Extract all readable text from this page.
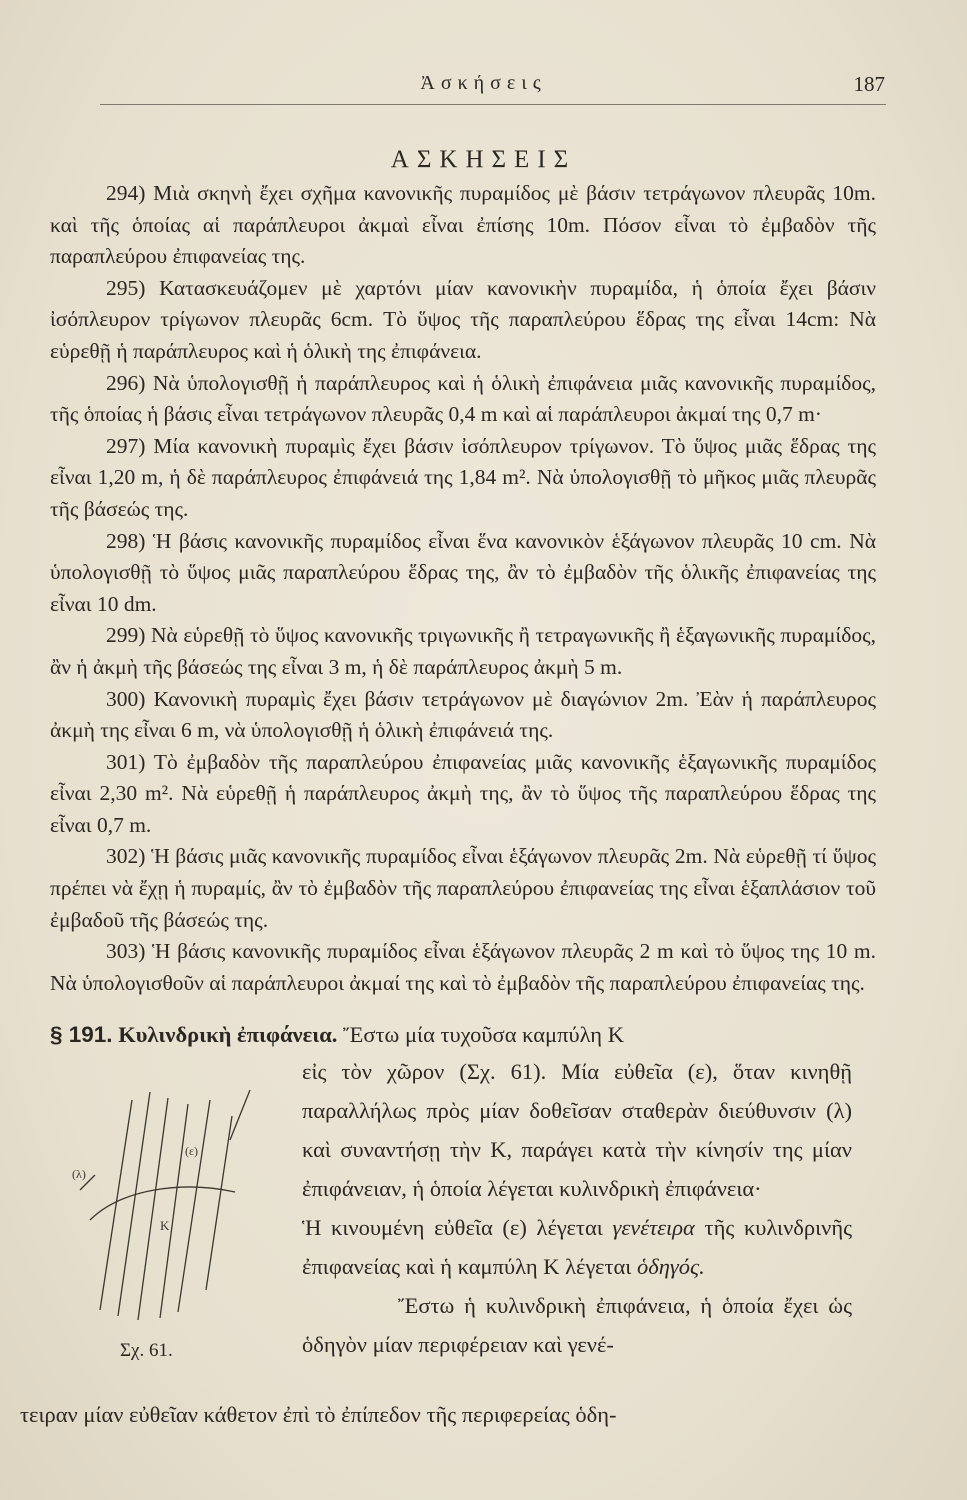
Ἀσκήσεις	187
ΑΣΚΗΣΕΙΣ

294) Μιὰ σκηνὴ ἔχει σχῆμα κανονικῆς πυραμίδος μὲ βάσιν τετράγωνον πλευρᾶς 10m. καὶ τῆς ὁποίας αἱ παράπλευροι ἀκμαὶ εἶναι ἐπίσης 10m. Πόσον εἶναι τὸ ἐμβαδὸν τῆς παραπλεύρου ἐπιφανείας της.

295) Κατασκευάζομεν μὲ χαρτόνι μίαν κανονικὴν πυραμίδα, ἡ ὁποία ἔχει βάσιν ἰσόπλευρον τρίγωνον πλευρᾶς 6cm. Τὸ ὕψος τῆς παραπλεύρου ἕδρας της εἶναι 14cm: Νὰ εὑρεθῇ ἡ παράπλευρος καὶ ἡ ὁλικὴ της ἐπιφάνεια.

296) Νὰ ὑπολογισθῇ ἡ παράπλευρος καὶ ἡ ὁλικὴ ἐπιφάνεια μιᾶς κανονικῆς πυραμίδος, τῆς ὁποίας ἡ βάσις εἶναι τετράγωνον πλευρᾶς 0,4 m καὶ αἱ παράπλευροι ἀκμαί της 0,7 m·

297) Μία κανονικὴ πυραμὶς ἔχει βάσιν ἰσόπλευρον τρίγωνον. Τὸ ὕψος μιᾶς ἕδρας της εἶναι 1,20 m, ἡ δὲ παράπλευρος ἐπιφάνειά της 1,84 m². Νὰ ὑπολογισθῇ τὸ μῆκος μιᾶς πλευρᾶς τῆς βάσεώς της.

298) Ἡ βάσις κανονικῆς πυραμίδος εἶναι ἕνα κανονικὸν ἑξάγωνον πλευρᾶς 10 cm. Νὰ ὑπολογισθῇ τὸ ὕψος μιᾶς παραπλεύρου ἕδρας της, ἂν τὸ ἐμβαδὸν τῆς ὁλικῆς ἐπιφανείας της εἶναι 10 dm.

299) Νὰ εὑρεθῇ τὸ ὕψος κανονικῆς τριγωνικῆς ἢ τετραγωνικῆς ἢ ἑξαγωνικῆς πυραμίδος, ἂν ἡ ἀκμὴ τῆς βάσεώς της εἶναι 3 m, ἡ δὲ παράπλευρος ἀκμὴ 5 m.

300) Κανονικὴ πυραμὶς ἔχει βάσιν τετράγωνον μὲ διαγώνιον 2m. Ἐὰν ἡ παράπλευρος ἀκμὴ της εἶναι 6 m, νὰ ὑπολογισθῇ ἡ ὁλικὴ ἐπιφάνειά της.

301) Τὸ ἐμβαδὸν τῆς παραπλεύρου ἐπιφανείας μιᾶς κανονικῆς ἑξαγωνικῆς πυραμίδος εἶναι 2,30 m². Νὰ εὑρεθῇ ἡ παράπλευρος ἀκμὴ της, ἂν τὸ ὕψος τῆς παραπλεύρου ἕδρας της εἶναι 0,7 m.

302) Ἡ βάσις μιᾶς κανονικῆς πυραμίδος εἶναι ἑξάγωνον πλευρᾶς 2m. Νὰ εὑρεθῇ τί ὕψος πρέπει νὰ ἔχῃ ἡ πυραμίς, ἂν τὸ ἐμβαδὸν τῆς παραπλεύρου ἐπιφανείας της εἶναι ἑξαπλάσιον τοῦ ἐμβαδοῦ τῆς βάσεώς της.

303) Ἡ βάσις κανονικῆς πυραμίδος εἶναι ἑξάγωνον πλευρᾶς 2 m καὶ τὸ ὕψος της 10 m. Νὰ ὑπολογισθοῦν αἱ παράπλευροι ἀκμαί της καὶ τὸ ἐμβαδὸν τῆς παραπλεύρου ἐπιφανείας της.

§ 191. Κυλινδρικὴ ἐπιφάνεια. Ἔστω μία τυχοῦσα καμπύλη K

εἰς τὸν χῶρον (Σχ. 61). Μία εὐθεῖα (ε), ὅταν κινηθῇ παραλλήλως πρὸς μίαν δοθεῖσαν σταθερὰν διεύθυνσιν (λ) καὶ συναντήσῃ τὴν K, παράγει κατὰ τὴν κίνησίν της μίαν ἐπιφάνειαν, ἡ ὁποία λέγεται κυλινδρικὴ ἐπιφάνεια·

Ἡ κινουμένη εὐθεῖα (ε) λέγεται γενέτειρα τῆς κυλινδρινῆς ἐπιφανείας καὶ ἡ καμπύλη K λέγεται ὁδηγός.

Ἔστω ἡ κυλινδρικὴ ἐπιφάνεια, ἡ ὁποία ἔχει ὡς ὁδηγὸν μίαν περιφέρειαν καὶ γενέ-

τειραν μίαν εὐθεῖαν κάθετον ἐπὶ τὸ ἐπίπεδον τῆς περιφερείας ὁδη-
(ε)
(λ)
K
Σχ. 61.
